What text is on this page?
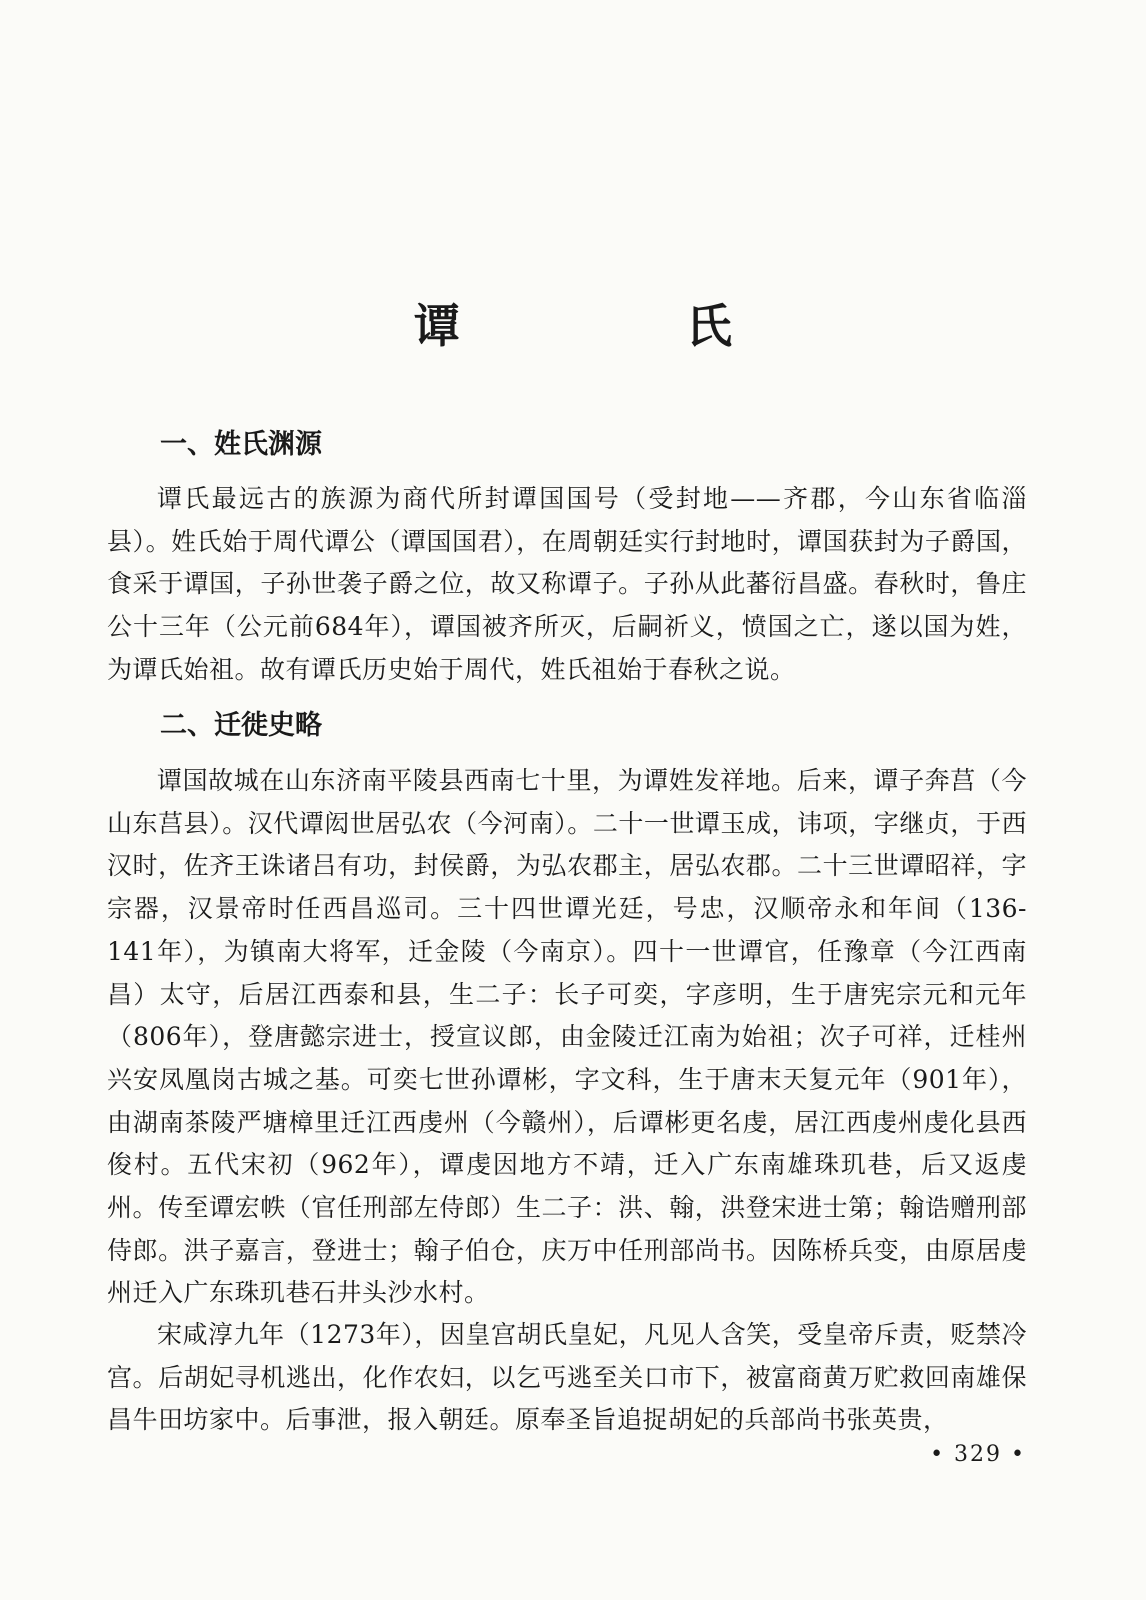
谭　氏
一、姓氏渊源

谭氏最远古的族源为商代所封谭国国号（受封地——齐郡，今山东省临淄县）。姓氏始于周代谭公（谭国国君），在周朝廷实行封地时，谭国获封为子爵国，食采于谭国，子孙世袭子爵之位，故又称谭子。子孙从此蕃衍昌盛。春秋时，鲁庄公十三年（公元前684年），谭国被齐所灭，后嗣祈义，愤国之亡，遂以国为姓，为谭氏始祖。故有谭氏历史始于周代，姓氏祖始于春秋之说。

二、迁徙史略

谭国故城在山东济南平陵县西南七十里，为谭姓发祥地。后来，谭子奔莒（今山东莒县）。汉代谭闳世居弘农（今河南）。二十一世谭玉成，讳项，字继贞，于西汉时，佐齐王诛诸吕有功，封侯爵，为弘农郡主，居弘农郡。二十三世谭昭祥，字宗器，汉景帝时任西昌巡司。三十四世谭光廷，号忠，汉顺帝永和年间（136-141年），为镇南大将军，迁金陵（今南京）。四十一世谭官，任豫章（今江西南昌）太守，后居江西泰和县，生二子：长子可奕，字彦明，生于唐宪宗元和元年（806年），登唐懿宗进士，授宣议郎，由金陵迁江南为始祖；次子可祥，迁桂州兴安凤凰岗古城之基。可奕七世孙谭彬，字文科，生于唐末天复元年（901年），由湖南茶陵严塘樟里迁江西虔州（今赣州），后谭彬更名虔，居江西虔州虔化县西俊村。五代宋初（962年），谭虔因地方不靖，迁入广东南雄珠玑巷，后又返虔州。传至谭宏帙（官任刑部左侍郎）生二子：洪、翰，洪登宋进士第；翰诰赠刑部侍郎。洪子嘉言，登进士；翰子伯仓，庆万中任刑部尚书。因陈桥兵变，由原居虔州迁入广东珠玑巷石井头沙水村。

宋咸淳九年（1273年），因皇宫胡氏皇妃，凡见人含笑，受皇帝斥责，贬禁冷宫。后胡妃寻机逃出，化作农妇，以乞丐逃至关口市下，被富商黄万贮救回南雄保昌牛田坊家中。后事泄，报入朝廷。原奉圣旨追捉胡妃的兵部尚书张英贵，

• 329 •
